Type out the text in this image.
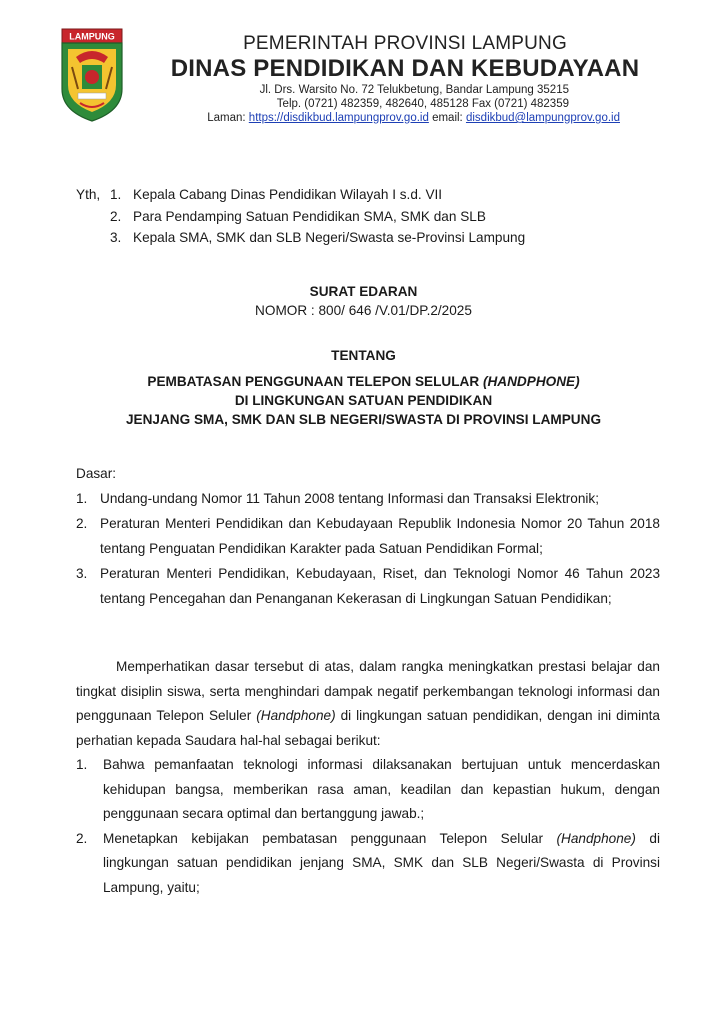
LAMPUNG	PEMERINTAH PROVINSI LAMPUNG
DINAS PENDIDIKAN DAN KEBUDAYAAN
Jl. Drs. Warsito No. 72 Telukbetung, Bandar Lampung 35215
Telp. (0721) 482359, 482640, 485128 Fax (0721) 482359
Laman: https://disdikbud.lampungprov.go.id email: disdikbud@lampungprov.go.id
Yth, 1. Kepala Cabang Dinas Pendidikan Wilayah I s.d. VII
2. Para Pendamping Satuan Pendidikan SMA, SMK dan SLB
3. Kepala SMA, SMK dan SLB Negeri/Swasta se-Provinsi Lampung
SURAT EDARAN
NOMOR : 800/ 646 /V.01/DP.2/2025
TENTANG
PEMBATASAN PENGGUNAAN TELEPON SELULAR (HANDPHONE)
DI LINGKUNGAN SATUAN PENDIDIKAN
JENJANG SMA, SMK DAN SLB NEGERI/SWASTA DI PROVINSI LAMPUNG
Dasar:
1. Undang-undang Nomor 11 Tahun 2008 tentang Informasi dan Transaksi Elektronik;
2. Peraturan Menteri Pendidikan dan Kebudayaan Republik Indonesia Nomor 20 Tahun 2018 tentang Penguatan Pendidikan Karakter pada Satuan Pendidikan Formal;
3. Peraturan Menteri Pendidikan, Kebudayaan, Riset, dan Teknologi Nomor 46 Tahun 2023 tentang Pencegahan dan Penanganan Kekerasan di Lingkungan Satuan Pendidikan;
Memperhatikan dasar tersebut di atas, dalam rangka meningkatkan prestasi belajar dan tingkat disiplin siswa, serta menghindari dampak negatif perkembangan teknologi informasi dan penggunaan Telepon Seluler (Handphone) di lingkungan satuan pendidikan, dengan ini diminta perhatian kepada Saudara hal-hal sebagai berikut:
1.	Bahwa pemanfaatan teknologi informasi dilaksanakan bertujuan untuk mencerdaskan kehidupan bangsa, memberikan rasa aman, keadilan dan kepastian hukum, dengan penggunaan secara optimal dan bertanggung jawab.;
2.	Menetapkan kebijakan pembatasan penggunaan Telepon Selular (Handphone) di lingkungan satuan pendidikan jenjang SMA, SMK dan SLB Negeri/Swasta di Provinsi Lampung, yaitu;
